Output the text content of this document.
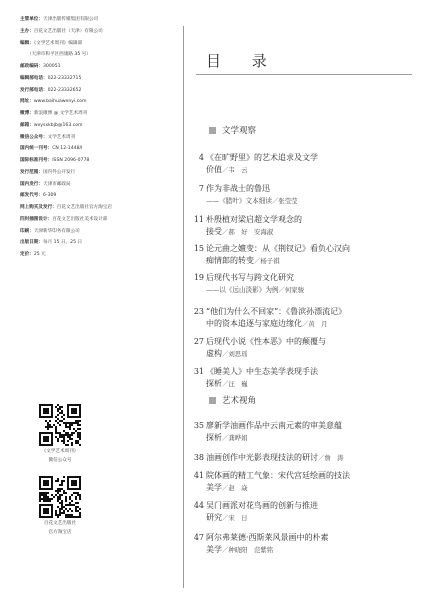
主管单位：天津出版传媒集团有限公司
主办：百花文艺出版社（天津）有限公司
编辑：《文学艺术周刊》编辑部
（天津市和平区西康路 35 号）
邮政编码：300051
编辑部电话：022-23332715
发行部电话：022-23332652
网址：www.baihuawenyi.com
微博：新浪微博 @ 文学艺术周刊
邮箱：wxysxkbjb@163.com
微信公众号：文学艺术周刊
国内统一刊号：CN 12-1448/I
国际标准刊号：ISSN 2096-0778
发行范围：国内外公开发行
国内发行：天津市邮政局
邮发代号：6-309
网上购买及发行：百花文艺出版社官方淘宝店
四封插图设计：百花文艺出版社美术设计部
印刷：天津新华印务有限公司
出版日期：每月 15 日、25 日
定价：25 元
《文学艺术周刊》
微信公众号
百花文艺出版社
官方淘宝店
目 录
文学观察
艺术视角
4 《在旷野里》的艺术追求及文学
价值／韦　云
7 作为非战士的鲁迅
——《腊叶》文本细读／张莹莹
11 朴殷植对梁启超文学观念的
接受／郝　好　安海淑
15 论元曲之嬗变：从《荆钗记》看负心汉向
痴情郎的转变／杨子祺
19 后现代书写与跨文化研究
——以《远山淡影》为例／何家骏
23 “他们为什么不回家”：《鲁滨孙漂流记》
中的资本追逐与家庭边缘化／黄　月
27 后现代小说《性本恶》中的颠覆与
虚构／刘思瑶
31 《睡美人》中生态美学表现手法
探析／汪　巍
35 廖新学油画作品中云南元素的审美意蕴
探析／龚晔娟
38 油画创作中光影表现技法的研讨／詹　涛
41 院体画的精工气象：宋代宫廷绘画的技法
美学／赵　焱
44 吴门画派对花鸟画的创新与推进
研究／宋　日
47 阿尔弗莱德·西斯莱风景画中的朴素
美学／种晓阳　范紫铭
